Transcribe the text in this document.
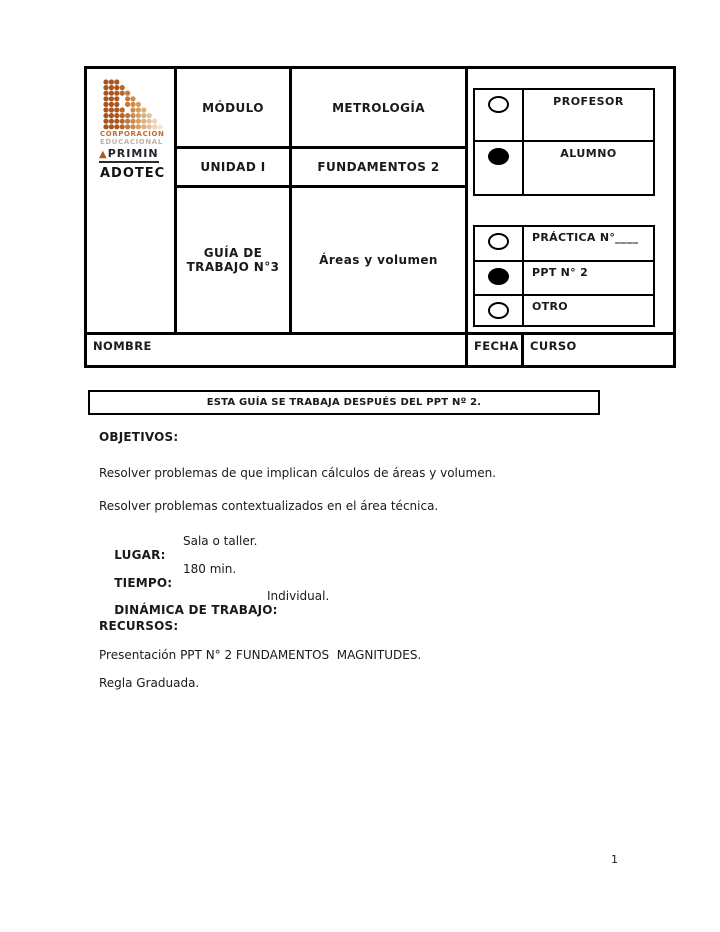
CORPORACION
EDUCACIONAL
▲PRIMIN
ADOTEC
MÓDULO	METROLOGÍA
UNIDAD I	FUNDAMENTOS 2
GUÍA DE TRABAJO N°3	Áreas y volumen
PROFESOR
ALUMNO
PRÁCTICA N°____
PPT N° 2
OTRO
NOMBRE	FECHA CURSO
ESTA GUÍA SE TRABAJA DESPUÉS DEL PPT Nº 2.
OBJETIVOS:
Resolver problemas de que implican cálculos de áreas y volumen.
Resolver problemas contextualizados en el área técnica.

LUGAR:

Sala o taller.

TIEMPO:

180 min.

DINÁMICA DE TRABAJO:

Individual.

RECURSOS:
Presentación PPT N° 2 FUNDAMENTOS  MAGNITUDES.
Regla Graduada.
1
